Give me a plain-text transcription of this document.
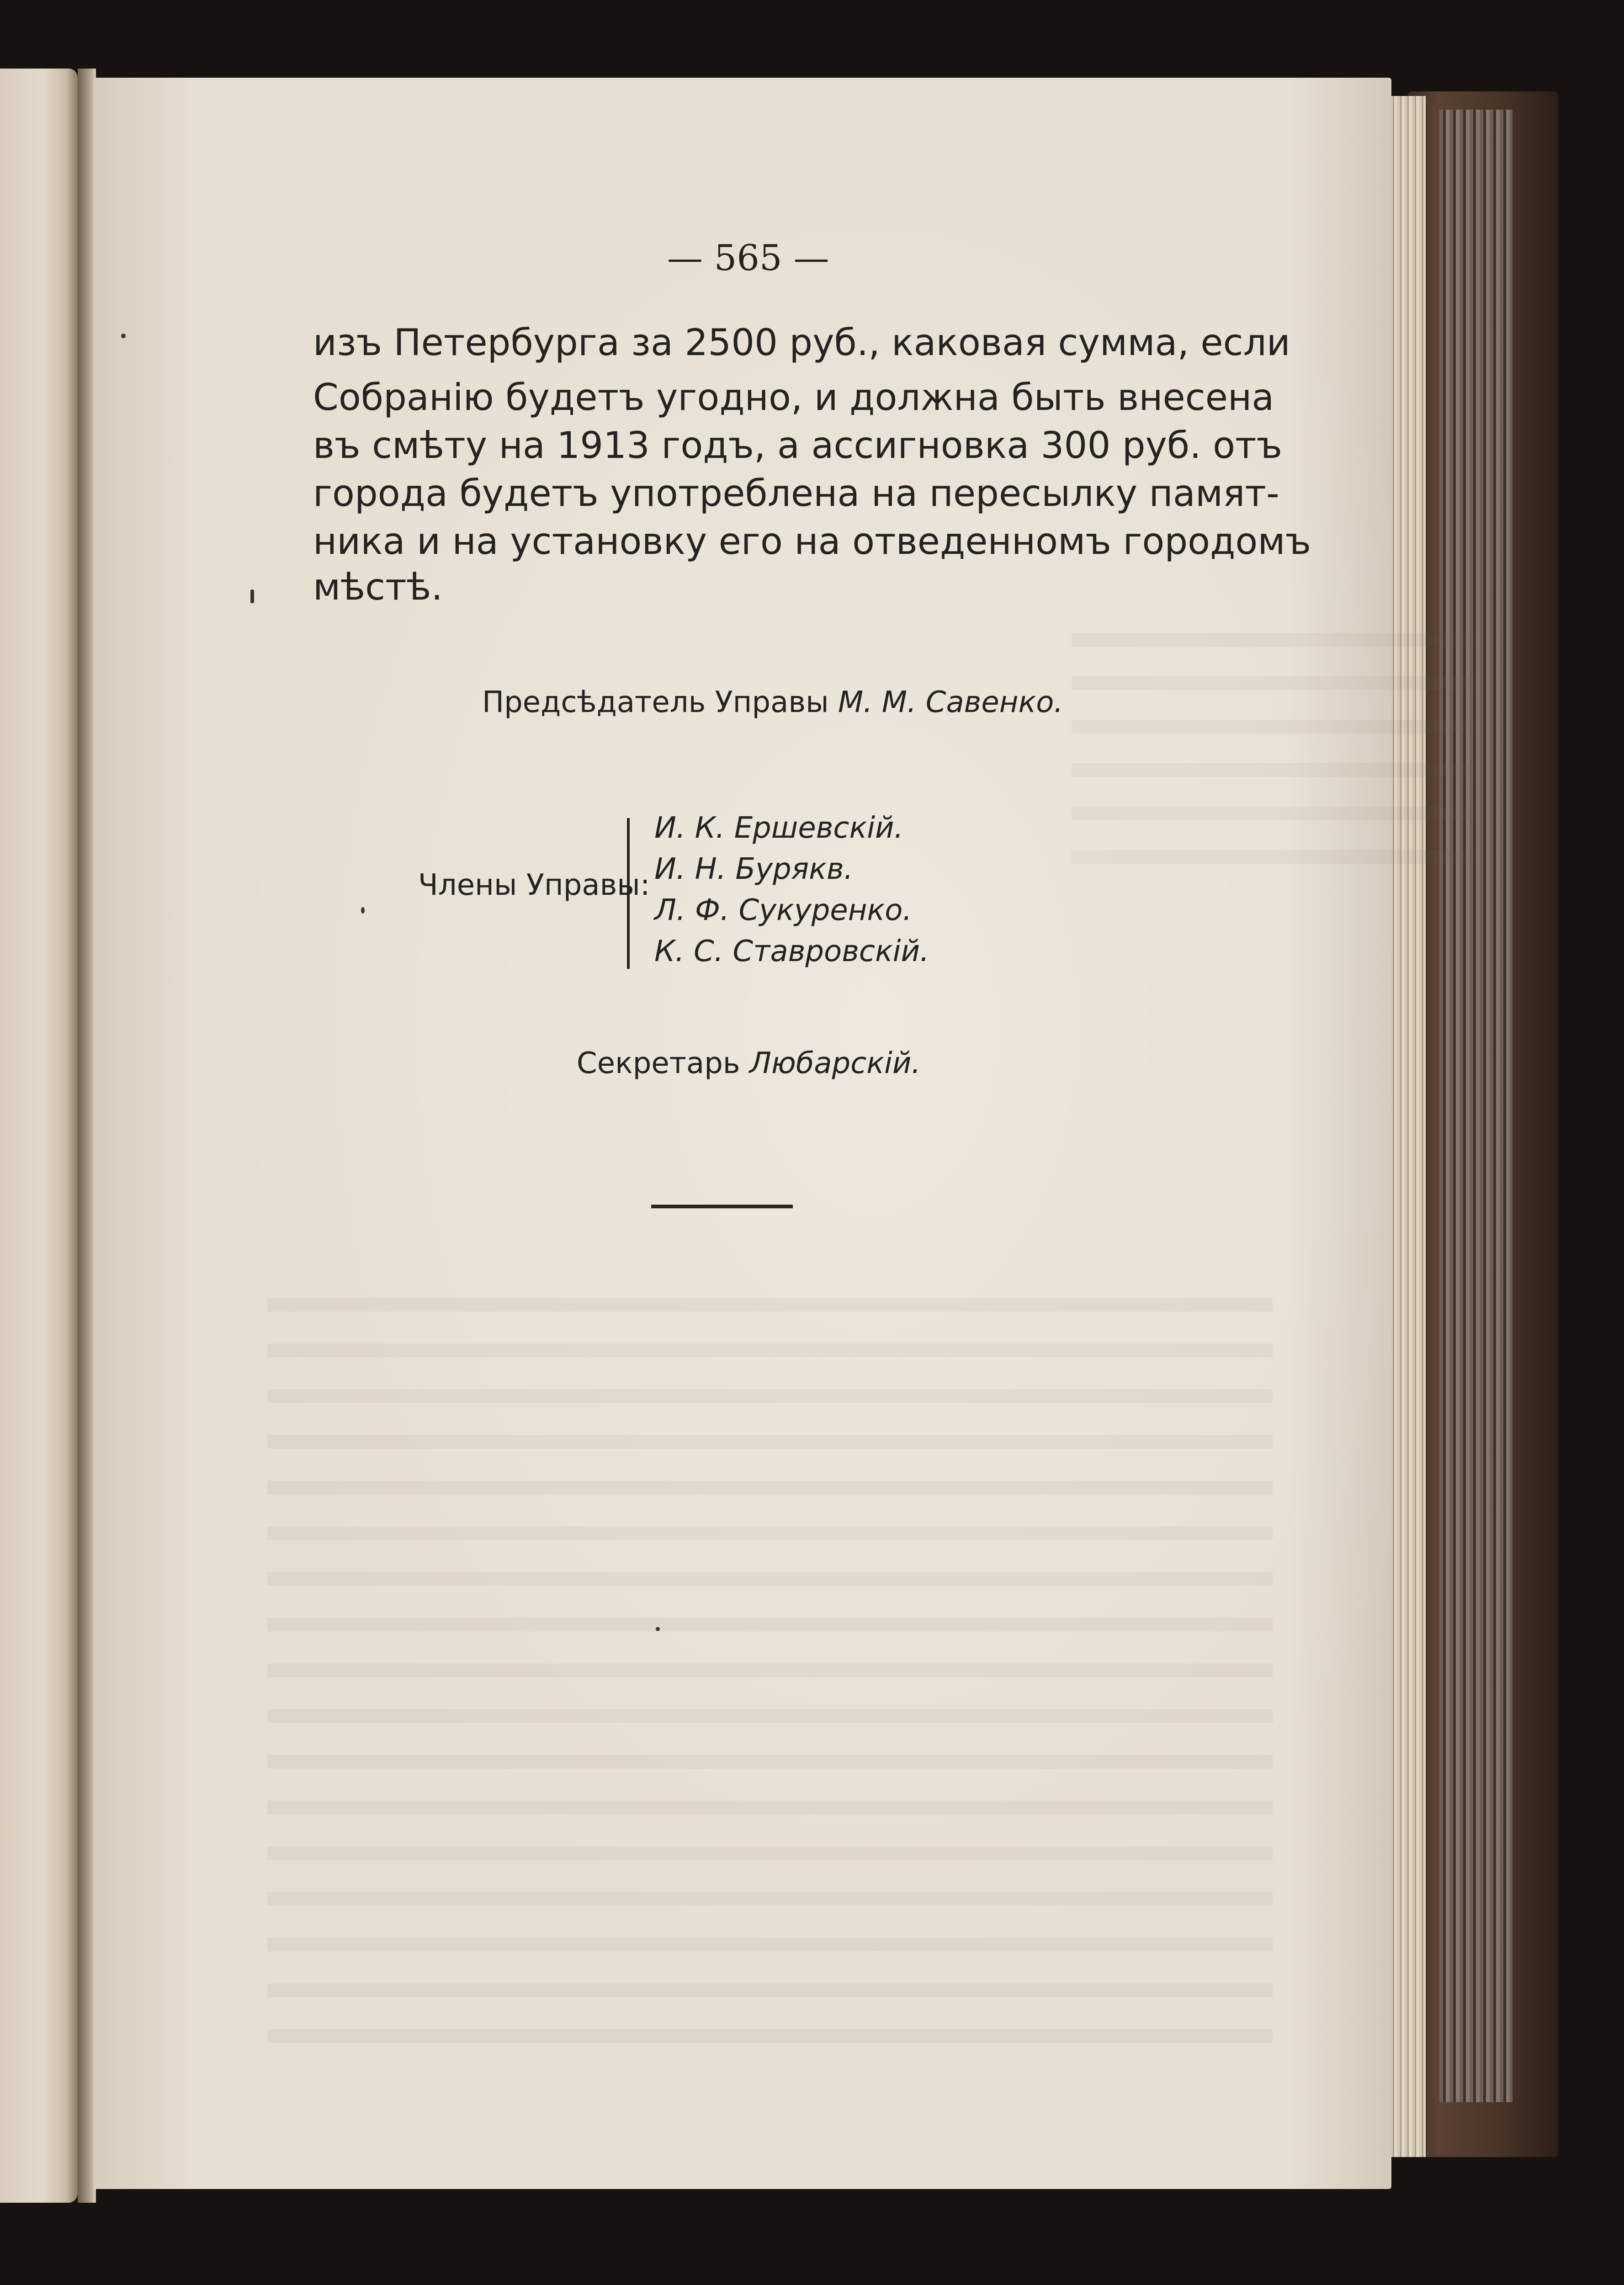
— 565 —
изъ Петербурга за 2500 руб., каковая сумма, если
Собранію будетъ угодно, и должна быть внесена
въ смѣту на 1913 годъ, а ассигновка 300 руб. отъ
города будетъ употреблена на пересылку памят-
ника и на установку его на отведенномъ городомъ
мѣстѣ.
Предсѣдатель Управы М. М. Савенко.
Члены Управы:
И. К. Ершевскій.
И. Н. Бурякв.
Л. Ф. Сукуренко.
К. С. Ставровскій.
Секретарь Любарскій.
